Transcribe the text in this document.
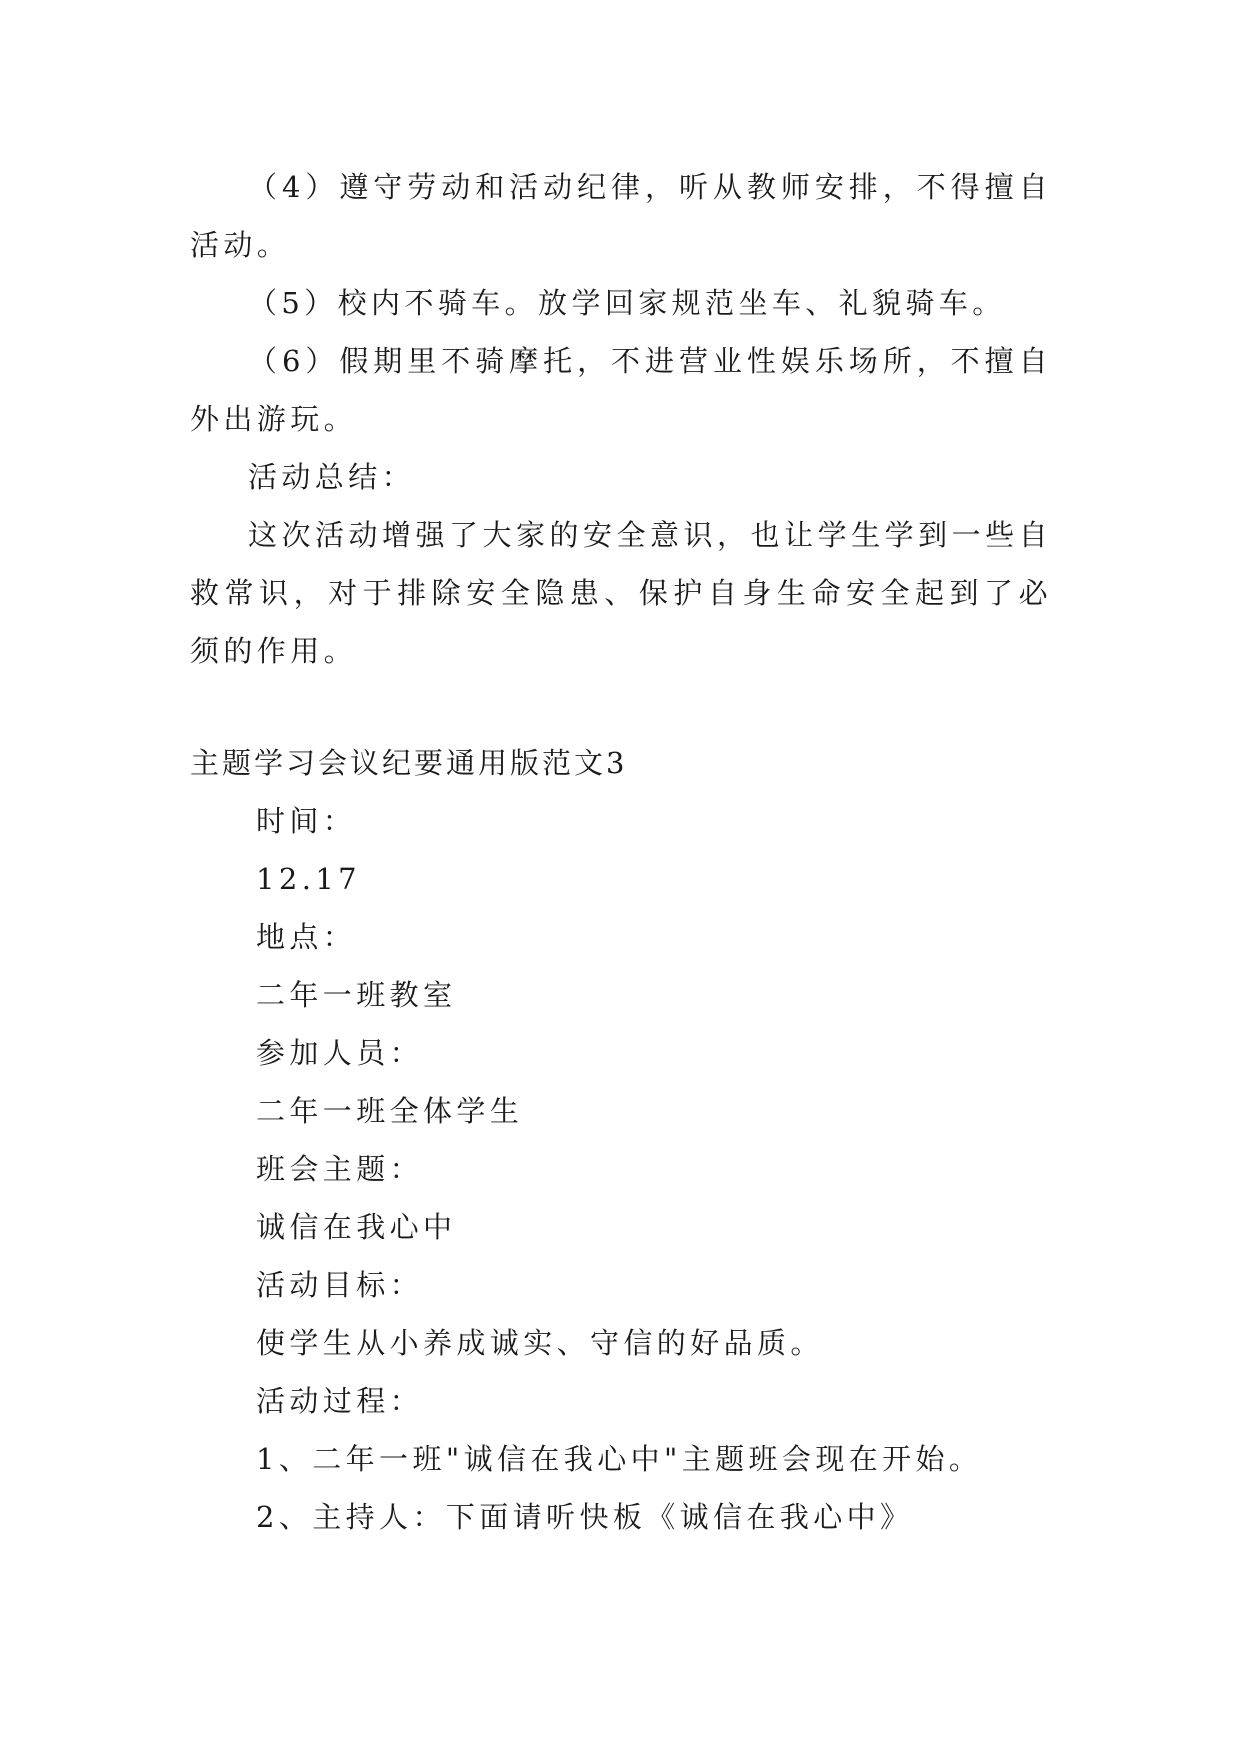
（4）遵守劳动和活动纪律，听从教师安排，不得擅自活动。

（5）校内不骑车。放学回家规范坐车、礼貌骑车。

（6）假期里不骑摩托，不进营业性娱乐场所，不擅自外出游玩。

活动总结：

这次活动增强了大家的安全意识，也让学生学到一些自救常识，对于排除安全隐患、保护自身生命安全起到了必须的作用。

主题学习会议纪要通用版范文3

时间：

12.17

地点：

二年一班教室

参加人员：

二年一班全体学生

班会主题：

诚信在我心中

活动目标：

使学生从小养成诚实、守信的好品质。

活动过程：

1、二年一班"诚信在我心中"主题班会现在开始。

2、主持人：下面请听快板《诚信在我心中》
